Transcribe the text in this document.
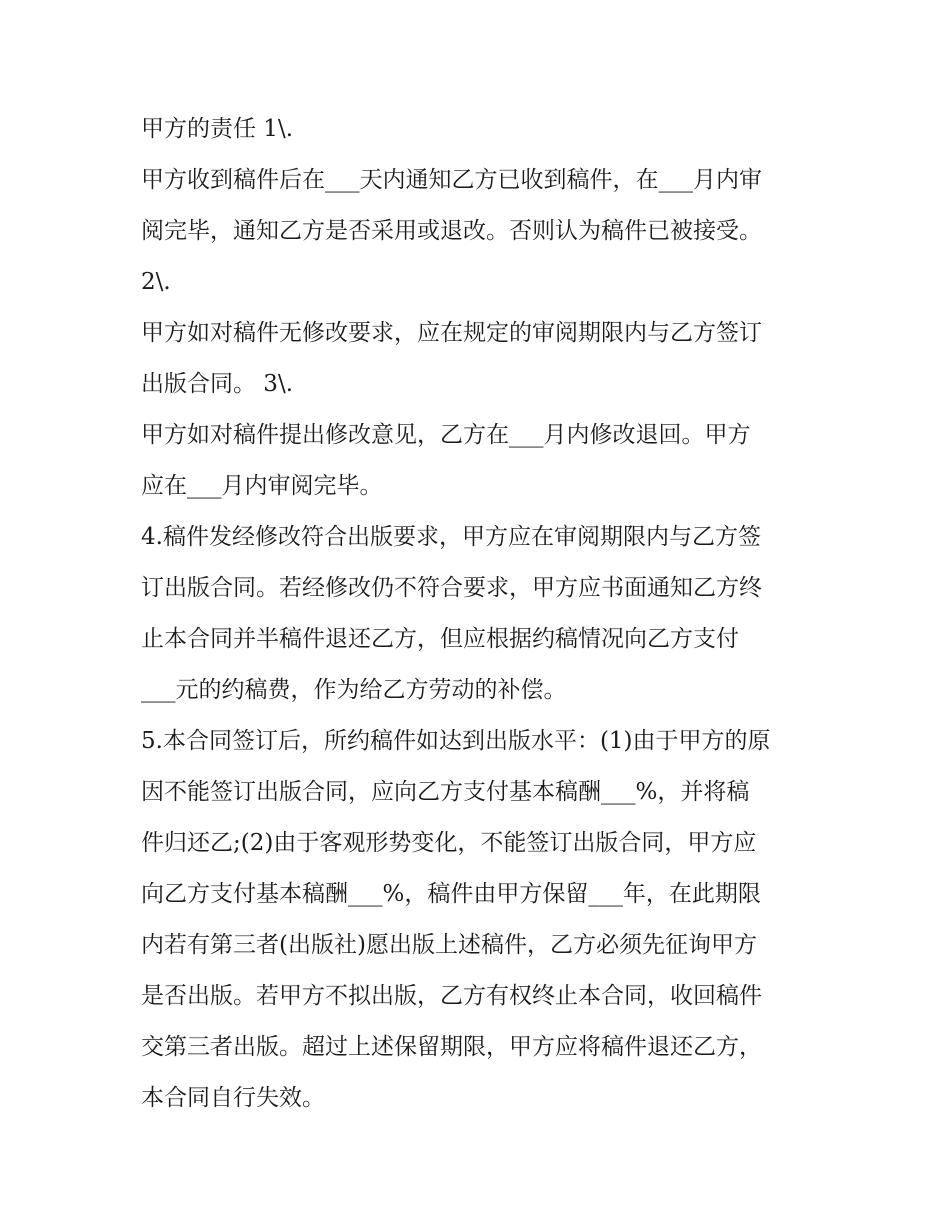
甲方的责任 1\.
甲方收到稿件后在___天内通知乙方已收到稿件，在___月内审
阅完毕，通知乙方是否采用或退改。否则认为稿件已被接受。
2\.
甲方如对稿件无修改要求，应在规定的审阅期限内与乙方签订
出版合同。 3\.
甲方如对稿件提出修改意见，乙方在___月内修改退回。甲方
应在___月内审阅完毕。
4.稿件发经修改符合出版要求，甲方应在审阅期限内与乙方签
订出版合同。若经修改仍不符合要求，甲方应书面通知乙方终
止本合同并半稿件退还乙方，但应根据约稿情况向乙方支付
___元的约稿费，作为给乙方劳动的补偿。
5.本合同签订后，所约稿件如达到出版水平：(1)由于甲方的原
因不能签订出版合同，应向乙方支付基本稿酬___%，并将稿
件归还乙;(2)由于客观形势变化，不能签订出版合同，甲方应
向乙方支付基本稿酬___%，稿件由甲方保留___年，在此期限
内若有第三者(出版社)愿出版上述稿件，乙方必须先征询甲方
是否出版。若甲方不拟出版，乙方有权终止本合同，收回稿件
交第三者出版。超过上述保留期限，甲方应将稿件退还乙方，
本合同自行失效。
